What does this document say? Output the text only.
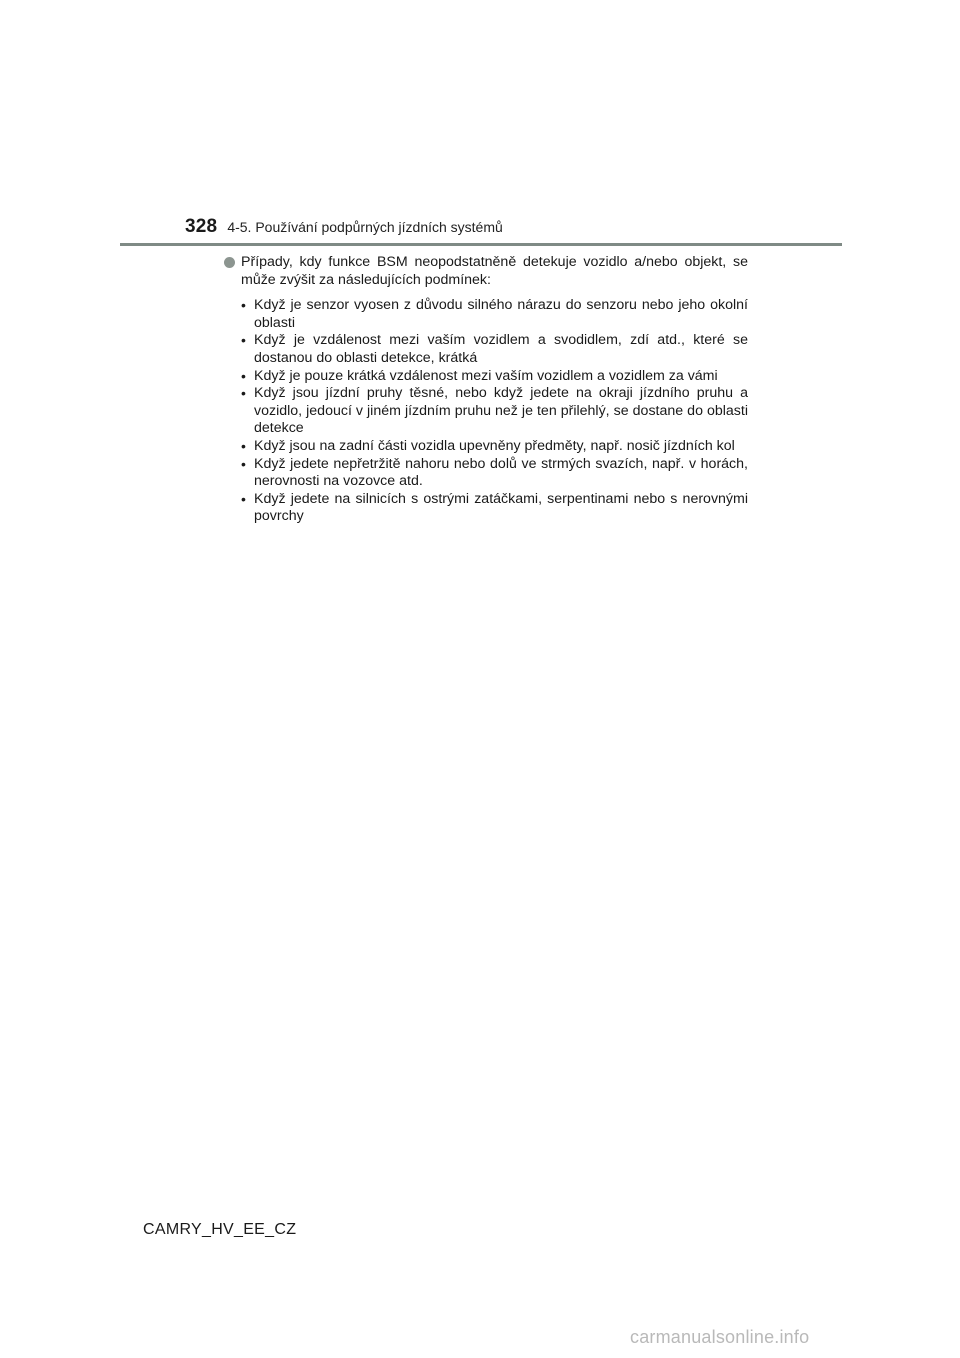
328 4-5. Používání podpůrných jízdních systémů

Případy, kdy funkce BSM neopodstatněně detekuje vozidlo a/nebo objekt, se může zvýšit za následujících podmínek:

• Když je senzor vyosen z důvodu silného nárazu do senzoru nebo jeho okolní oblasti
• Když je vzdálenost mezi vaším vozidlem a svodidlem, zdí atd., které se dostanou do oblasti detekce, krátká
• Když je pouze krátká vzdálenost mezi vaším vozidlem a vozidlem za vámi
• Když jsou jízdní pruhy těsné, nebo když jedete na okraji jízdního pruhu a vozidlo, jedoucí v jiném jízdním pruhu než je ten přilehlý, se dostane do oblasti detekce
• Když jsou na zadní části vozidla upevněny předměty, např. nosič jízdních kol
• Když jedete nepřetržitě nahoru nebo dolů ve strmých svazích, např. v horách, nerovnosti na vozovce atd.
• Když jedete na silnicích s ostrými zatáčkami, serpentinami nebo s nerovnými povrchy
CAMRY_HV_EE_CZ
carmanualsonline.info
